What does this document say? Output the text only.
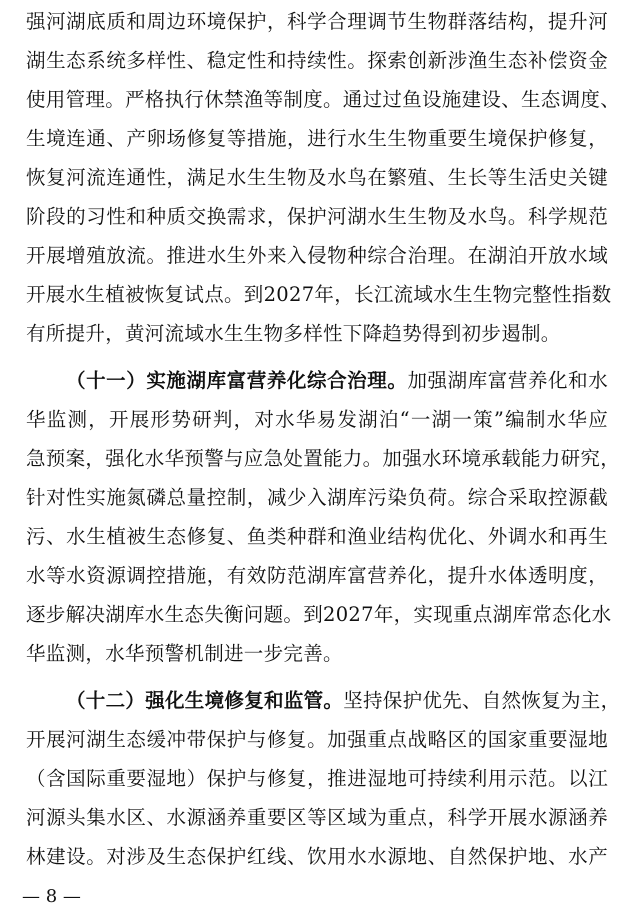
强河湖底质和周边环境保护，科学合理调节生物群落结构，提升河
湖生态系统多样性、稳定性和持续性。探索创新涉渔生态补偿资金
使用管理。严格执行休禁渔等制度。通过过鱼设施建设、生态调度、
生境连通、产卵场修复等措施，进行水生生物重要生境保护修复，
恢复河流连通性，满足水生生物及水鸟在繁殖、生长等生活史关键
阶段的习性和种质交换需求，保护河湖水生生物及水鸟。科学规范
开展增殖放流。推进水生外来入侵物种综合治理。在湖泊开放水域
开展水生植被恢复试点。到2027年，长江流域水生生物完整性指数
有所提升，黄河流域水生生物多样性下降趋势得到初步遏制。
（十一）实施湖库富营养化综合治理。加强湖库富营养化和水
华监测，开展形势研判，对水华易发湖泊“一湖一策”编制水华应
急预案，强化水华预警与应急处置能力。加强水环境承载能力研究，
针对性实施氮磷总量控制，减少入湖库污染负荷。综合采取控源截
污、水生植被生态修复、鱼类种群和渔业结构优化、外调水和再生
水等水资源调控措施，有效防范湖库富营养化，提升水体透明度，
逐步解决湖库水生态失衡问题。到2027年，实现重点湖库常态化水
华监测，水华预警机制进一步完善。
（十二）强化生境修复和监管。坚持保护优先、自然恢复为主，
开展河湖生态缓冲带保护与修复。加强重点战略区的国家重要湿地
（含国际重要湿地）保护与修复，推进湿地可持续利用示范。以江
河源头集水区、水源涵养重要区等区域为重点，科学开展水源涵养
林建设。对涉及生态保护红线、饮用水水源地、自然保护地、水产
— 8 —
